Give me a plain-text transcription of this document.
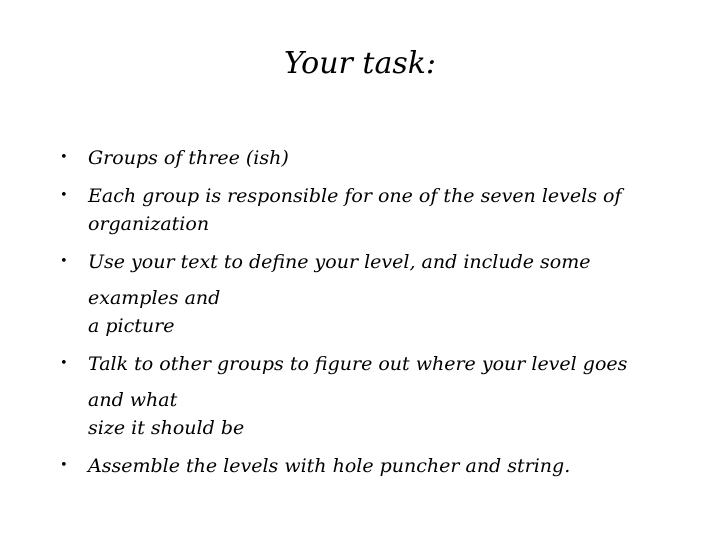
Your task:
• Groups of three (ish)
• Each group is responsible for one of the seven levels of
organization
• Use your text to define your level, and include some examples and
a picture
• Talk to other groups to figure out where your level goes and what
size it should be
• Assemble the levels with hole puncher and string.
